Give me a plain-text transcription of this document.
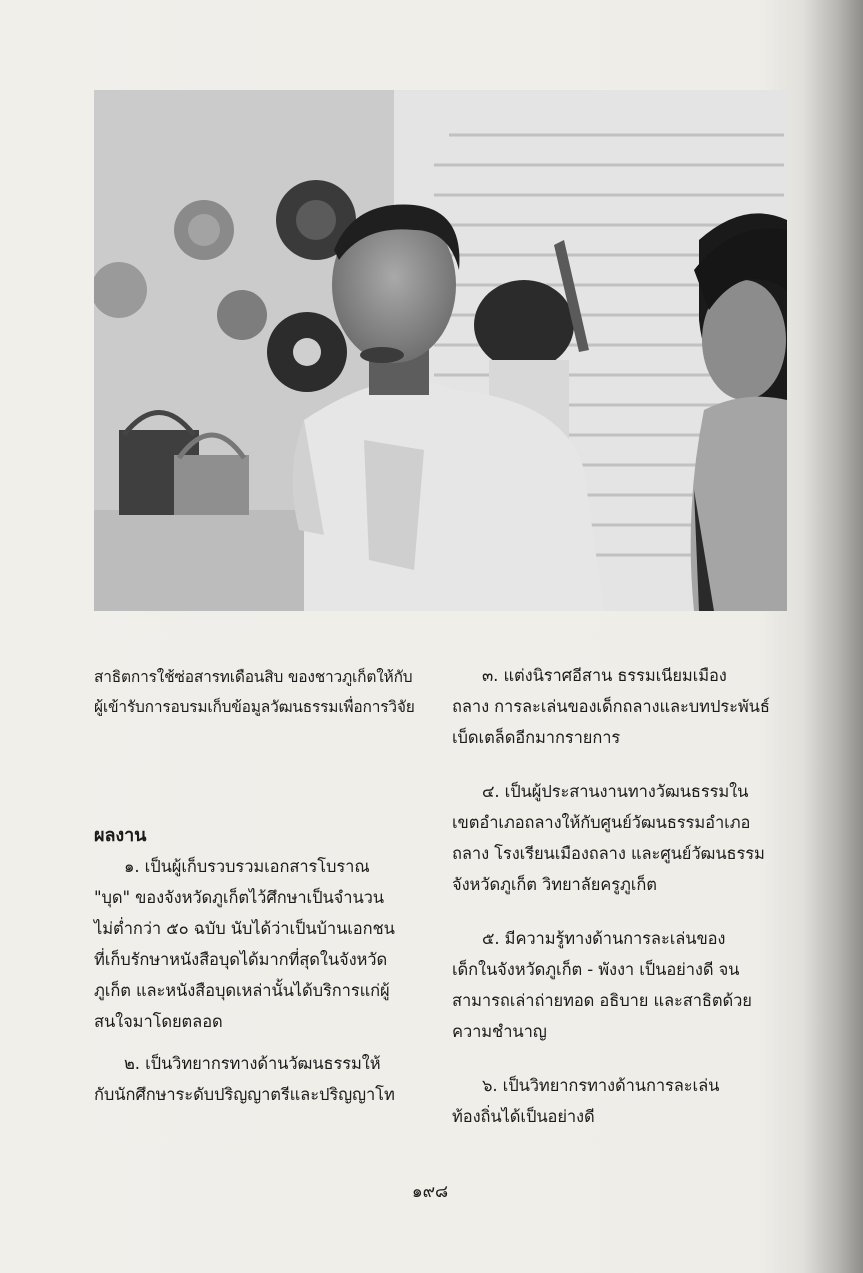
สาธิตการใช้ซ่อสารทเดือนสิบ ของชาวภูเก็ตให้กับ

ผู้เข้ารับการอบรมเก็บข้อมูลวัฒนธรรมเพื่อการวิจัย

ผลงาน

๑. เป็นผู้เก็บรวบรวมเอกสารโบราณ

"บุด" ของจังหวัดภูเก็ตไว้ศึกษาเป็นจำนวน

ไม่ต่ำกว่า ๕๐ ฉบับ นับได้ว่าเป็นบ้านเอกชน

ที่เก็บรักษาหนังสือบุดได้มากที่สุดในจังหวัด

ภูเก็ต และหนังสือบุดเหล่านั้นได้บริการแก่ผู้

สนใจมาโดยตลอด

๒. เป็นวิทยากรทางด้านวัฒนธรรมให้

กับนักศึกษาระดับปริญญาตรีและปริญญาโท

๓. แต่งนิราศอีสาน ธรรมเนียมเมือง

ถลาง การละเล่นของเด็กถลางและบทประพันธ์

เบ็ดเตล็ดอีกมากรายการ

๔. เป็นผู้ประสานงานทางวัฒนธรรมใน

เขตอำเภอถลางให้กับศูนย์วัฒนธรรมอำเภอ

ถลาง โรงเรียนเมืองถลาง และศูนย์วัฒนธรรม

จังหวัดภูเก็ต วิทยาลัยครูภูเก็ต

๕. มีความรู้ทางด้านการละเล่นของ

เด็กในจังหวัดภูเก็ต - พังงา เป็นอย่างดี จน

สามารถเล่าถ่ายทอด อธิบาย และสาธิตด้วย

ความชำนาญ

๖. เป็นวิทยากรทางด้านการละเล่น

ท้องถิ่นได้เป็นอย่างดี

๑๙๘
